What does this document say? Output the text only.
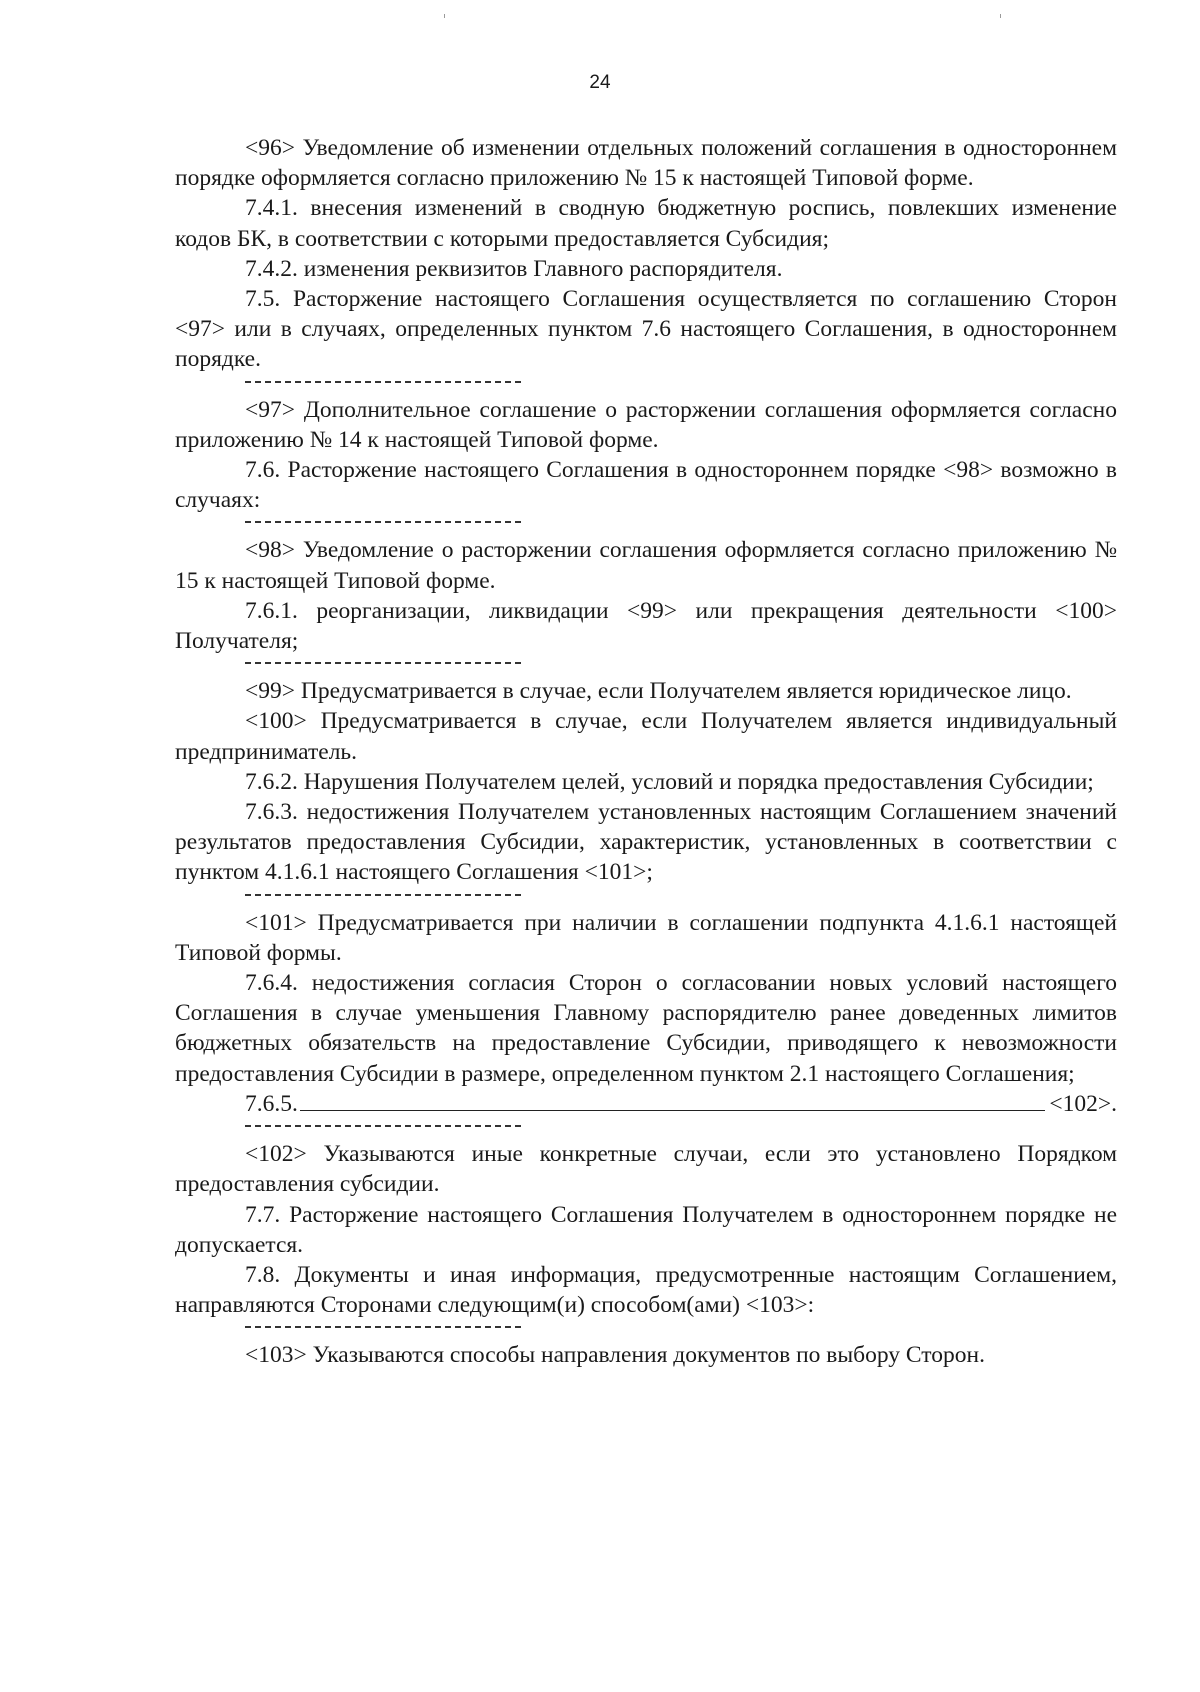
24

<96> Уведомление об изменении отдельных положений соглашения в одностороннем порядке оформляется согласно приложению № 15 к настоящей Типовой форме.

7.4.1. внесения изменений в сводную бюджетную роспись, повлекших изменение кодов БК, в соответствии с которыми предоставляется Субсидия;

7.4.2. изменения реквизитов Главного распорядителя.

7.5. Расторжение настоящего Соглашения осуществляется по соглашению Сторон <97> или в случаях, определенных пунктом 7.6 настоящего Соглашения, в одностороннем порядке.

<97> Дополнительное соглашение о расторжении соглашения оформляется согласно приложению № 14 к настоящей Типовой форме.

7.6. Расторжение настоящего Соглашения в одностороннем порядке <98> возможно в случаях:

<98> Уведомление о расторжении соглашения оформляется согласно приложению № 15 к настоящей Типовой форме.

7.6.1. реорганизации, ликвидации <99> или прекращения деятельности <100> Получателя;

<99> Предусматривается в случае, если Получателем является юридическое лицо.

<100> Предусматривается в случае, если Получателем является индивидуальный предприниматель.

7.6.2. Нарушения Получателем целей, условий и порядка предоставления Субсидии;

7.6.3. недостижения Получателем установленных настоящим Соглашением значений результатов предоставления Субсидии, характеристик, установленных в соответствии с пунктом 4.1.6.1 настоящего Соглашения <101>;

<101> Предусматривается при наличии в соглашении подпункта 4.1.6.1 настоящей Типовой формы.

7.6.4. недостижения согласия Сторон о согласовании новых условий настоящего Соглашения в случае уменьшения Главному распорядителю ранее доведенных лимитов бюджетных обязательств на предоставление Субсидии, приводящего к невозможности предоставления Субсидии в размере, определенном пунктом 2.1 настоящего Соглашения;

7.6.5.	<102>.

<102> Указываются иные конкретные случаи, если это установлено Порядком предоставления субсидии.

7.7. Расторжение настоящего Соглашения Получателем в одностороннем порядке не допускается.

7.8. Документы и иная информация, предусмотренные настоящим Соглашением, направляются Сторонами следующим(и) способом(ами) <103>:

<103> Указываются способы направления документов по выбору Сторон.
